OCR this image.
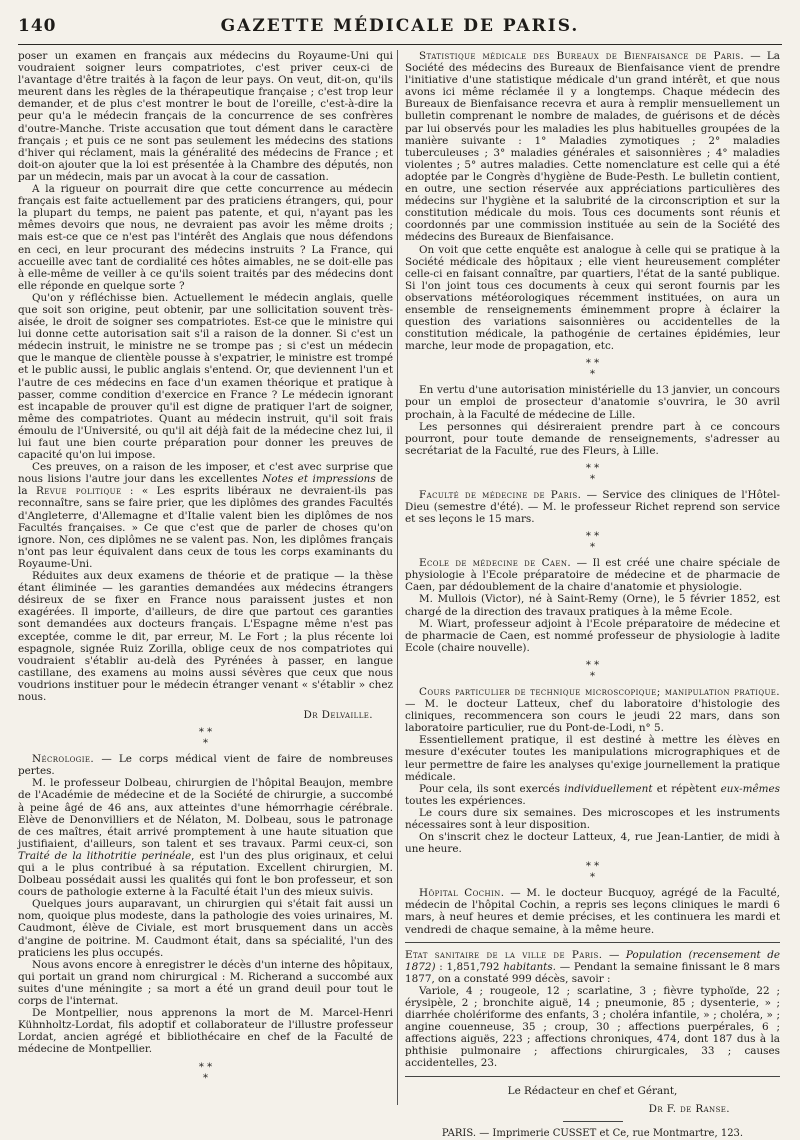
140	GAZETTE MÉDICALE DE PARIS.

poser un examen en français aux médecins du Royaume-Uni qui voudraient soigner leurs compatriotes, c'est priver ceux-ci de l'avantage d'être traités à la façon de leur pays. On veut, dit-on, qu'ils meurent dans les règles de la thérapeutique française ; c'est trop leur demander, et de plus c'est montrer le bout de l'oreille, c'est-à-dire la peur qu'a le médecin français de la concurrence de ses confrères d'outre-Manche. Triste accusation que tout dément dans le caractère français ; et puis ce ne sont pas seulement les médecins des stations d'hiver qui réclament, mais la généralité des médecins de France ; et doit-on ajouter que la loi est présentée à la Chambre des députés, non par un médecin, mais par un avocat à la cour de cassation.

A la rigueur on pourrait dire que cette concurrence au médecin français est faite actuellement par des praticiens étrangers, qui, pour la plupart du temps, ne paient pas patente, et qui, n'ayant pas les mêmes devoirs que nous, ne devraient pas avoir les même droits ; mais est-ce que ce n'est pas l'intérêt des Anglais que nous défendons en ceci, en leur procurant des médecins instruits ? La France, qui accueille avec tant de cordialité ces hôtes aimables, ne se doit-elle pas à elle-même de veiller à ce qu'ils soient traités par des médecins dont elle réponde en quelque sorte ?

Qu'on y réfléchisse bien. Actuellement le médecin anglais, quelle que soit son origine, peut obtenir, par une sollicitation souvent très-aisée, le droit de soigner ses compatriotes. Est-ce que le ministre qui lui donne cette autorisation sait s'il a raison de la donner. Si c'est un médecin instruit, le ministre ne se trompe pas ; si c'est un médecin que le manque de clientèle pousse à s'expatrier, le ministre est trompé et le public aussi, le public anglais s'entend. Or, que deviennent l'un et l'autre de ces médecins en face d'un examen théorique et pratique à passer, comme condition d'exercice en France ? Le médecin ignorant est incapable de prouver qu'il est digne de pratiquer l'art de soigner, même des compatriotes. Quant au médecin instruit, qu'il soit frais émoulu de l'Université, ou qu'il ait déjà fait de la médecine chez lui, il lui faut une bien courte préparation pour donner les preuves de capacité qu'on lui impose.

Ces preuves, on a raison de les imposer, et c'est avec surprise que nous lisions l'autre jour dans les excellentes Notes et impressions de la Revue politique : « Les esprits libéraux ne devraient-ils pas reconnaître, sans se faire prier, que les diplômes des grandes Facultés d'Angleterre, d'Allemagne et d'Italie valent bien les diplômes de nos Facultés françaises. » Ce que c'est que de parler de choses qu'on ignore. Non, ces diplômes ne se valent pas. Non, les diplômes français n'ont pas leur équivalent dans ceux de tous les corps examinants du Royaume-Uni.

Réduites aux deux examens de théorie et de pratique — la thèse étant éliminée — les garanties demandées aux médecins étrangers désireux de se fixer en France nous paraissent justes et non exagérées. Il importe, d'ailleurs, de dire que partout ces garanties sont demandées aux docteurs français. L'Espagne même n'est pas exceptée, comme le dit, par erreur, M. Le Fort ; la plus récente loi espagnole, signée Ruiz Zorilla, oblige ceux de nos compatriotes qui voudraient s'établir au-delà des Pyrénées à passer, en langue castillane, des examens au moins aussi sévères que ceux que nous voudrions instituer pour le médecin étranger venant « s'établir » chez nous.

Dr Delvaille.

* *
*

Nécrologie. — Le corps médical vient de faire de nombreuses pertes.

M. le professeur Dolbeau, chirurgien de l'hôpital Beaujon, membre de l'Académie de médecine et de la Société de chirurgie, a succombé à peine âgé de 46 ans, aux atteintes d'une hémorrhagie cérébrale. Elève de Denonvilliers et de Nélaton, M. Dolbeau, sous le patronage de ces maîtres, était arrivé promptement à une haute situation que justifiaient, d'ailleurs, son talent et ses travaux. Parmi ceux-ci, son Traité de la lithotritie perinéale, est l'un des plus originaux, et celui qui a le plus contribué à sa réputation. Excellent chirurgien, M. Dolbeau possédait aussi les qualités qui font le bon professeur, et son cours de pathologie externe à la Faculté était l'un des mieux suivis.

Quelques jours auparavant, un chirurgien qui s'était fait aussi un nom, quoique plus modeste, dans la pathologie des voies urinaires, M. Caudmont, élève de Civiale, est mort brusquement dans un accès d'angine de poitrine. M. Caudmont était, dans sa spécialité, l'un des praticiens les plus occupés.

Nous avons encore à enregistrer le décès d'un interne des hôpitaux, qui portait un grand nom chirurgical : M. Richerand a succombé aux suites d'une méningite ; sa mort a été un grand deuil pour tout le corps de l'internat.

De Montpellier, nous apprenons la mort de M. Marcel-Henri Kühnholtz-Lordat, fils adoptif et collaborateur de l'illustre professeur Lordat, ancien agrégé et bibliothécaire en chef de la Faculté de médecine de Montpellier.

* *
*

Statistique médicale des Bureaux de Bienfaisance de Paris. — La Société des médecins des Bureaux de Bienfaisance vient de prendre l'initiative d'une statistique médicale d'un grand intérêt, et que nous avons ici même réclamée il y a longtemps. Chaque médecin des Bureaux de Bienfaisance recevra et aura à remplir mensuellement un bulletin comprenant le nombre de malades, de guérisons et de décès par lui observés pour les maladies les plus habituelles groupées de la manière suivante : 1° Maladies zymotiques ; 2° maladies tuberculeuses ; 3° maladies générales et saisonnières ; 4° maladies violentes ; 5° autres maladies. Cette nomenclature est celle qui a été adoptée par le Congrès d'hygiène de Bude-Pesth. Le bulletin contient, en outre, une section réservée aux appréciations particulières des médecins sur l'hygiène et la salubrité de la circonscription et sur la constitution médicale du mois. Tous ces documents sont réunis et coordonnés par une commission instituée au sein de la Société des médecins des Bureaux de Bienfaisance.

On voit que cette enquête est analogue à celle qui se pratique à la Société médicale des hôpitaux ; elle vient heureusement compléter celle-ci en faisant connaître, par quartiers, l'état de la santé publique. Si l'on joint tous ces documents à ceux qui seront fournis par les observations météorologiques récemment instituées, on aura un ensemble de renseignements éminemment propre à éclairer la question des variations saisonnières ou accidentelles de la constitution médicale, la pathogénie de certaines épidémies, leur marche, leur mode de propagation, etc.

* *
*

En vertu d'une autorisation ministérielle du 13 janvier, un concours pour un emploi de prosecteur d'anatomie s'ouvrira, le 30 avril prochain, à la Faculté de médecine de Lille.

Les personnes qui désireraient prendre part à ce concours pourront, pour toute demande de renseignements, s'adresser au secrétariat de la Faculté, rue des Fleurs, à Lille.

* *
*

Faculté de médecine de Paris. — Service des cliniques de l'Hôtel-Dieu (semestre d'été). — M. le professeur Richet reprend son service et ses leçons le 15 mars.

* *
*

Ecole de médecine de Caen. — Il est créé une chaire spéciale de physiologie à l'Ecole préparatoire de médecine et de pharmacie de Caen, par dédoublement de la chaire d'anatomie et physiologie.

M. Mullois (Victor), né à Saint-Remy (Orne), le 5 février 1852, est chargé de la direction des travaux pratiques à la même Ecole.

M. Wiart, professeur adjoint à l'Ecole préparatoire de médecine et de pharmacie de Caen, est nommé professeur de physiologie à ladite Ecole (chaire nouvelle).

* *
*

Cours particulier de technique microscopique; manipulation pratique. — M. le docteur Latteux, chef du laboratoire d'histologie des cliniques, recommencera son cours le jeudi 22 mars, dans son laboratoire particulier, rue du Pont-de-Lodi, n° 5.

Essentiellement pratique, il est destiné à mettre les élèves en mesure d'exécuter toutes les manipulations micrographiques et de leur permettre de faire les analyses qu'exige journellement la pratique médicale.

Pour cela, ils sont exercés individuellement et répètent eux-mêmes toutes les expériences.

Le cours dure six semaines. Des microscopes et les instruments nécessaires sont à leur disposition.

On s'inscrit chez le docteur Latteux, 4, rue Jean-Lantier, de midi à une heure.

* *
*

Hôpital Cochin. — M. le docteur Bucquoy, agrégé de la Faculté, médecin de l'hôpital Cochin, a repris ses leçons cliniques le mardi 6 mars, à neuf heures et demie précises, et les continuera les mardi et vendredi de chaque semaine, à la même heure.

Etat sanitaire de la ville de Paris. — Population (recensement de 1872) : 1,851,792 habitants. — Pendant la semaine finissant le 8 mars 1877, on a constaté 999 décès, savoir :

Variole, 4 ; rougeole, 12 ; scarlatine, 3 ; fièvre typhoïde, 22 ; érysipèle, 2 ; bronchite aiguë, 14 ; pneumonie, 85 ; dysenterie, » ; diarrhée cholériforme des enfants, 3 ; choléra infantile, » ; choléra, » ; angine couenneuse, 35 ; croup, 30 ; affections puerpérales, 6 ; affections aiguës, 223 ; affections chroniques, 474, dont 187 dus à la phthisie pulmonaire ; affections chirurgicales, 33 ; causes accidentelles, 23.

Le Rédacteur en chef et Gérant,

Dr F. de Ranse.

PARIS. — Imprimerie CUSSET et Ce, rue Montmartre, 123.
